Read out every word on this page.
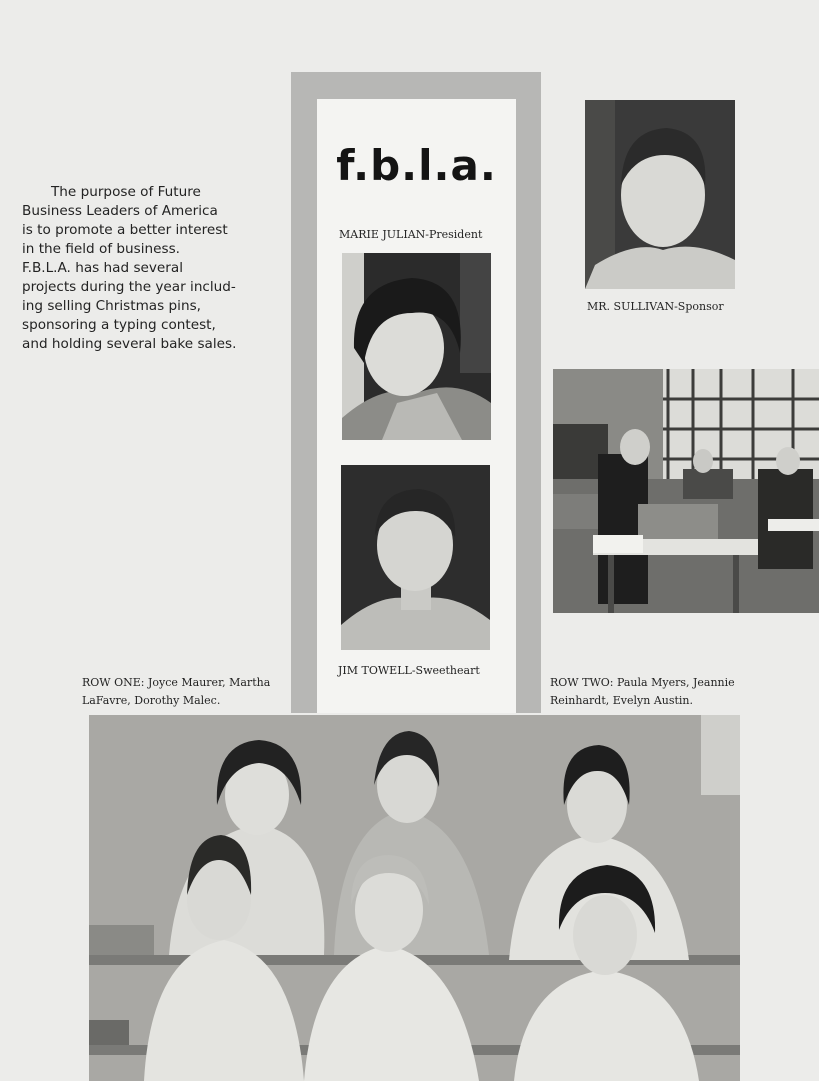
The purpose of Future
Business Leaders of America
is to promote a better interest
in the field of business.
F.B.L.A. has had several
projects during the year includ-
ing selling Christmas pins,
sponsoring a typing contest,
and holding several bake sales.
f.b.l.a.
MARIE JULIAN-President
JIM TOWELL-Sweetheart
MR. SULLIVAN-Sponsor
ROW ONE: Joyce Maurer, Martha
LaFavre, Dorothy Malec.
ROW TWO: Paula Myers, Jeannie
Reinhardt, Evelyn Austin.
